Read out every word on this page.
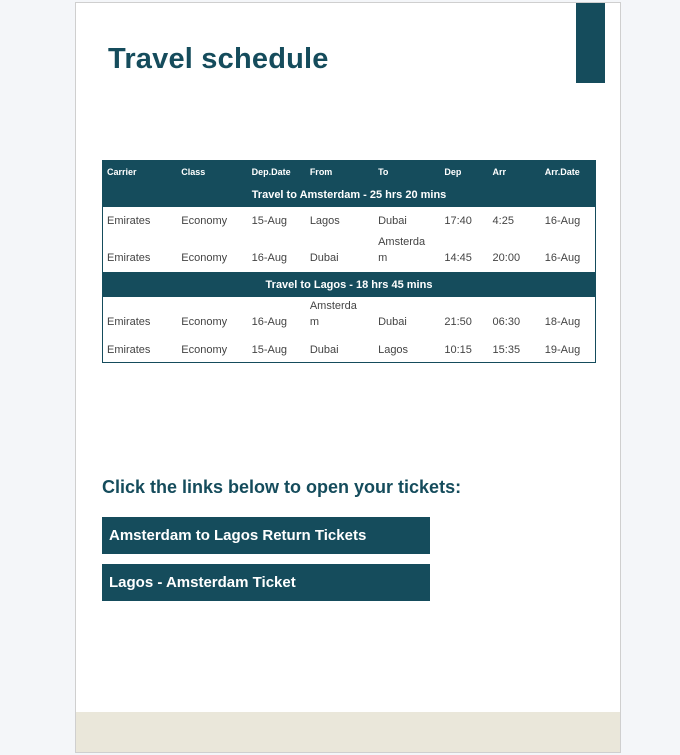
Travel schedule
Carrier	Class	Dep.Date	From	To	Dep	Arr	Arr.Date
Travel to Amsterdam - 25 hrs 20 mins							
Emirates	Economy	15-Aug	Lagos	Dubai	17:40	4:25	16-Aug
Emirates	Economy	16-Aug	Dubai	Amsterdam	14:45	20:00	16-Aug
Travel to Lagos - 18 hrs 45 mins							
Emirates	Economy	16-Aug	Amsterdam	Dubai	21:50	06:30	18-Aug
Emirates	Economy	15-Aug	Dubai	Lagos	10:15	15:35	19-Aug
Click the links below to open your tickets:
Amsterdam to Lagos Return Tickets
Lagos - Amsterdam Ticket
